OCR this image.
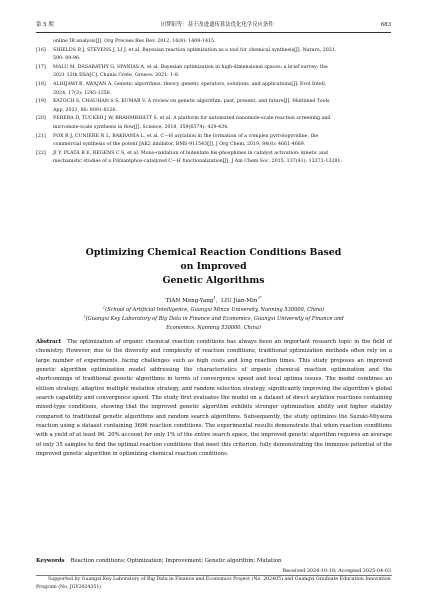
第 5 期	田梦阳等：基于改进遗传算法优化化学反应条件	683
online IR analysis[J]. Org Process Res Dev, 2012, 16(8): 1409-1415.
[16]	SHIELDS B J, STEVENS J, LI J, et al. Bayesian reaction optimization as a tool for chemical synthesis[J]. Nature, 2021,
590: 89-96.
[17]	MALU M, DASARATHY G, SPANIAS A, et al. Bayesian optimization in high-dimensional spaces: a brief survey: the
2021 12th IISA[C]. Chania Crete, Greece: 2021: 1-8.
[18]	ALHIJAWI B, AWAJAN A. Genetic algorithms: theory, genetic operators, solutions, and applications[J]. Evol Intell,
2024, 17(3): 1245-1256.
[19]	KATOCH S, CHAUHAN S S, KUMAR V. A review on genetic algorithm: past, present, and future[J]. Multimed Tools
App, 2021, 80: 8091-8126.
[20]	PERERA D, TUCKER J W, BRAHMBHATT S, et al. A platform for automated nanomole-scale reaction screening and
micromole-scale synthesis in flow[J]. Science, 2018, 359(6374): 429-434.
[21]	FOX R J, CUNIERE N L, BAKRANIA L, et al. C—H arylation in the formation of a complex pyrrolopyridine, the
commercial synthesis of the potent JAK2 inhibitor, BMS-911543[J]. J Org Chem, 2019, 84(8): 4661-4669.
[22]	JI Y, PLATA R E, REGENS C S, et al. Mono-oxidation of bidentate bis-phosphines in catalyst activation: kinetic and
mechanistic studies of a Pd/xantphos-catalyzed C—H functionalization[J]. J Am Chem Soc, 2015, 137(41): 13272-13281.
Optimizing Chemical Reaction Conditions Based on Improved
Genetic Algorithms
TIAN Meng-Yang$^1$, LIU Jian-Min$^{2*}$
$^1$(School of Artificial Intelligence, Guangxi Minzu University, Nanning 530000, China)
$^2$(Guangxi Key Laboratory of Big Data in Finance and Economics, Guangxi University of Finance and Economics, Nanning 530000, China)
Abstract The optimization of organic chemical reaction conditions has always been an important research topic in the field of chemistry. However, due to the diversity and complexity of reaction conditions, traditional optimization methods often rely on a large number of experiments, facing challenges such as high costs and long reaction times. This study proposes an improved genetic algorithm optimization model addressing the characteristics of organic chemical reaction optimization and the shortcomings of traditional genetic algorithms in terms of convergence speed and local optima issues. The model combines an elitism strategy, adaptive multiple mutation strategy, and random selection strategy, significantly improving the algorithm's global search capability and convergence speed. The study first evaluates the model on a dataset of direct arylation reactions containing mixed-type conditions, showing that the improved genetic algorithm exhibits stronger optimization ability and higher stability compared to traditional genetic algorithms and random search algorithms. Subsequently, the study optimizes the Suzuki-Miyaura reaction using a dataset containing 3696 reaction conditions. The experimental results demonstrate that when reaction conditions with a yield of at least 96. 20% account for only 1% of the entire search space, the improved genetic algorithm requires an average of only 35 samples to find the optimal reaction conditions that meet this criterion, fully demonstrating the immense potential of the improved genetic algorithm in optimizing chemical reaction conditions.
Keywords Reaction conditions; Optimization; Improvement; Genetic algorithm; Mutation
Received 2024-10-18; Accepted 2025-04-03
Supported by Guangxi Key Laboratory of Big Data in Finance and Economics Project (No. 202405) and Guangxi Graduate Education Innovation Program (No. JGY2024351)
